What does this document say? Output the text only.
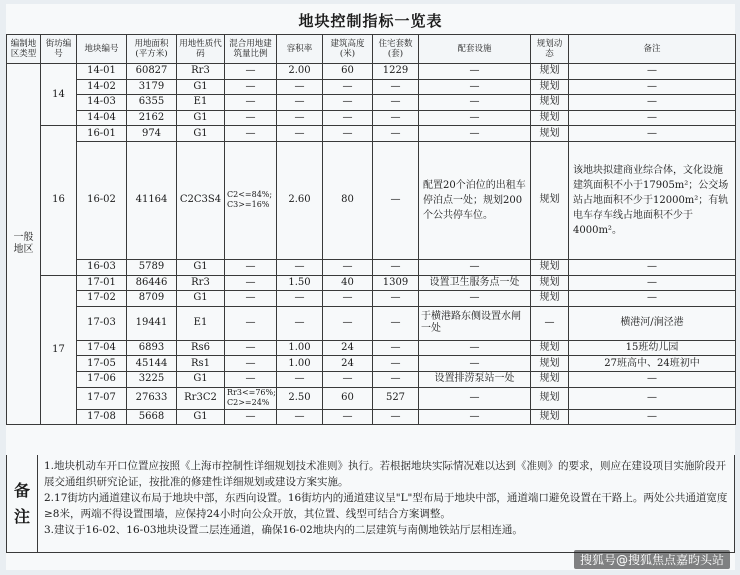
地块控制指标一览表
编制地区类型	街坊编号	地块编号	用地面积(平方米)	用地性质代码	混合用地建筑量比例	容积率	建筑高度(米)	住宅套数(套)	配套设施	规划动态	备注
一般地区	14	14-01	60827	Rr3	—	2.00	60	1229	—	规划	—
		14-02	3179	G1	—	—	—	—	—	规划	—
		14-03	6355	E1	—	—	—	—	—	规划	—
		14-04	2162	G1	—	—	—	—	—	规划	—
	16	16-01	974	G1	—	—	—	—	—	规划	—
		16-02	41164	C2C3S4	C2<=84%; C3>=16%	2.60	80	—	配置20个泊位的出租车停泊点一处；规划200个公共停车位。	规划	该地块拟建商业综合体，文化设施建筑面积不小于17905m²；公交场站占地面积不少于12000m²；有轨电车存车线占地面积不少于4000m²。
		16-03	5789	G1	—	—	—	—	—	规划	—
	17	17-01	86446	Rr3	—	1.50	40	1309	设置卫生服务点一处	规划	—
		17-02	8709	G1	—	—	—	—	—	规划	—
		17-03	19441	E1	—	—	—	—	于横港路东侧设置水闸一处	—	横港河/涧泾港
		17-04	6893	Rs6	—	1.00	24	—	—	规划	15班幼儿园
		17-05	45144	Rs1	—	1.00	24	—	—	规划	27班高中、24班初中
		17-06	3225	G1	—	—	—	—	设置排涝泵站一处	规划	—
		17-07	27633	Rr3C2	Rr3<=76%; C2>=24%	2.50	60	527	—	规划	—
		17-08	5668	G1	—	—	—	—	—	规划	—
备
注
1.地块机动车开口位置应按照《上海市控制性详细规划技术准则》执行。若根据地块实际情况难以达到《准则》的要求，则应在建设项目实施阶段开展交通组织研究论证，按批准的修建性详细规划或建设方案实施。
2.17街坊内通道建议布局于地块中部，东西向设置。16街坊内的通道建议呈"L"型布局于地块中部，通道端口避免设置在干路上。两处公共通道宽度≥8米，两端不得设置围墙，应保持24小时向公众开放，其位置、线型可结合方案调整。
3.建议于16-02、16-03地块设置二层连通道，确保16-02地块内的二层建筑与南侧地铁站厅层相连通。
搜狐号@搜狐焦点嘉昀头站
